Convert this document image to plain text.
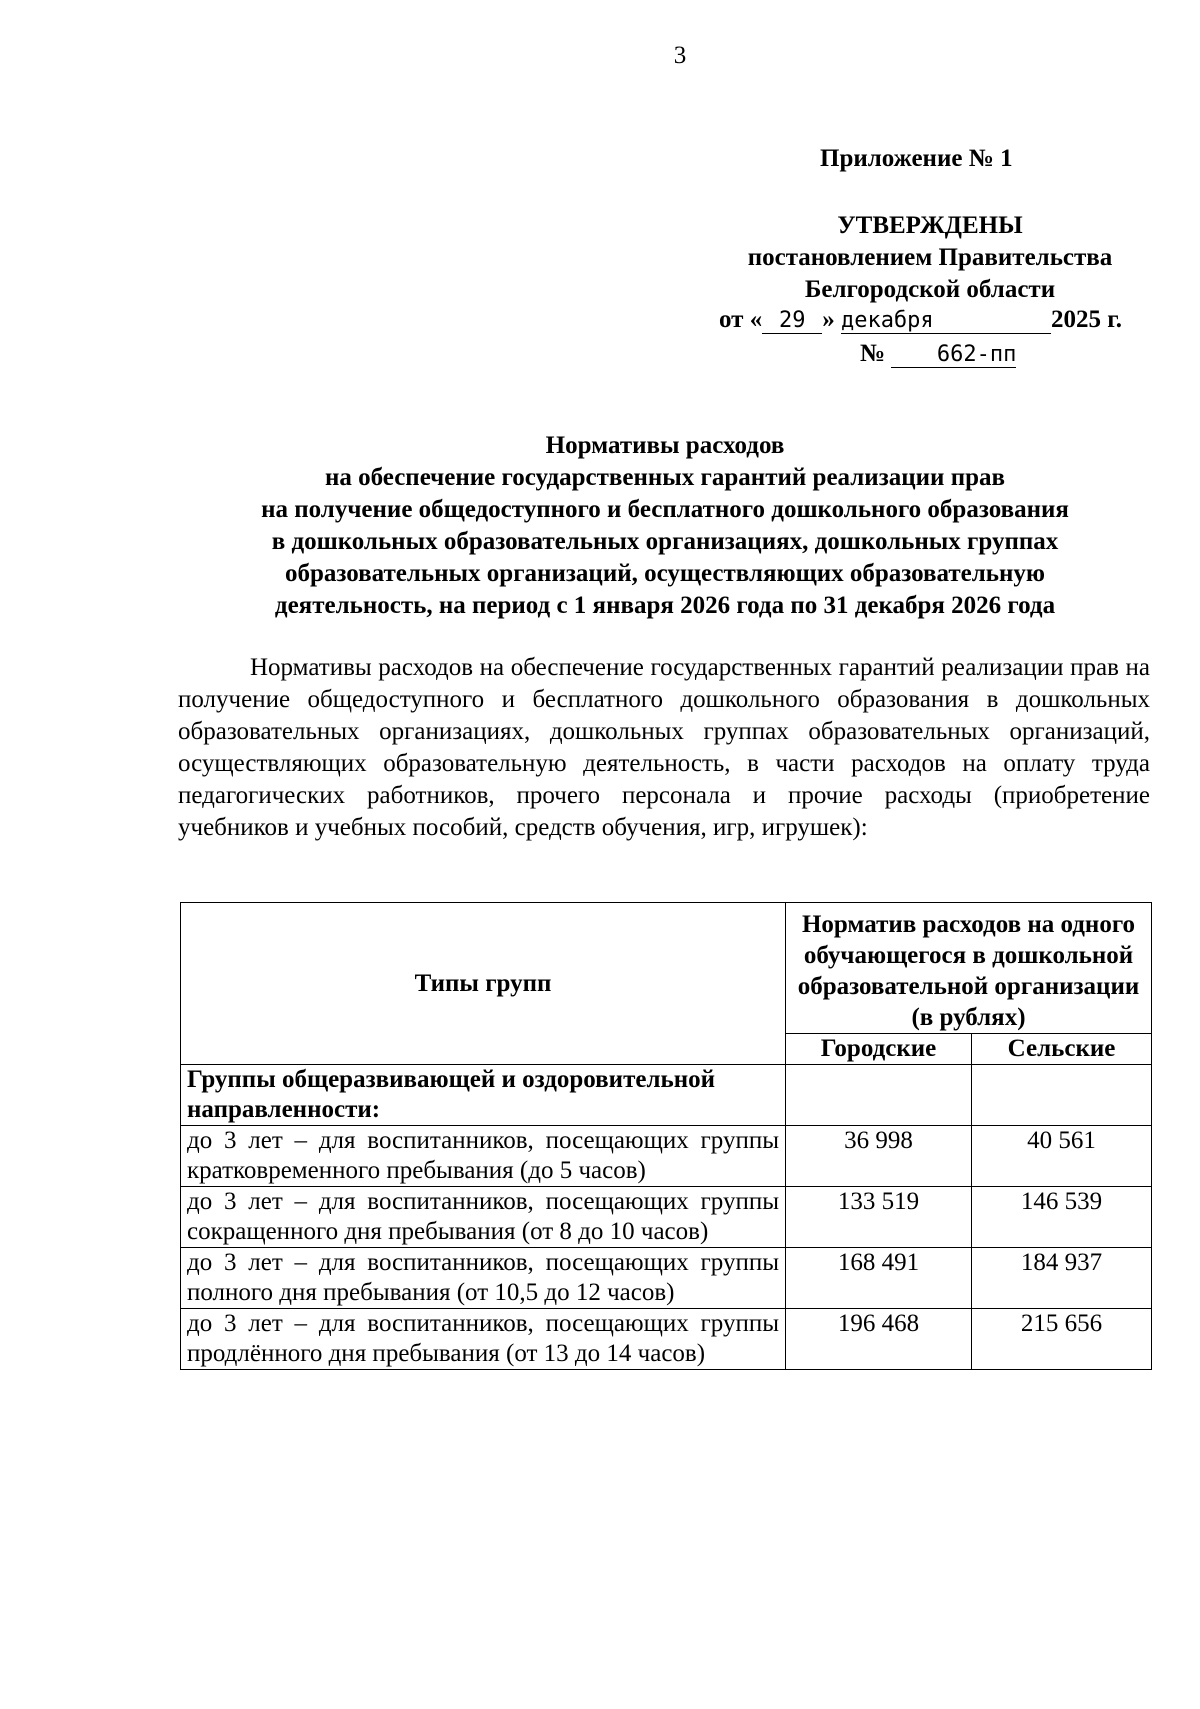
3
Приложение № 1
УТВЕРЖДЕНЫ
постановлением Правительства
Белгородской области
от « 29 » декабря	2025 г.
№ 662-пп
Нормативы расходов
на обеспечение государственных гарантий реализации прав
на получение общедоступного и бесплатного дошкольного образования
в дошкольных образовательных организациях, дошкольных группах
образовательных организаций, осуществляющих образовательную
деятельность, на период с 1 января 2026 года по 31 декабря 2026 года

Нормативы расходов на обеспечение государственных гарантий реализации прав на получение общедоступного и бесплатного дошкольного образования в дошкольных образовательных организациях, дошкольных группах образовательных организаций, осуществляющих образовательную деятельность, в части расходов на оплату труда педагогических работников, прочего персонала и прочие расходы (приобретение учебников и учебных пособий, средств обучения, игр, игрушек):

Типы групп	Норматив расходов на одного обучающегося в дошкольной образовательной организации (в рублях)	
	Городские	Сельские
Группы общеразвивающей и оздоровительной направленности:		
до 3 лет – для воспитанников, посещающих группы кратковременного пребывания (до 5 часов)	36 998	40 561
до 3 лет – для воспитанников, посещающих группы сокращенного дня пребывания (от 8 до 10 часов)	133 519	146 539
до 3 лет – для воспитанников, посещающих группы полного дня пребывания (от 10,5 до 12 часов)	168 491	184 937
до 3 лет – для воспитанников, посещающих группы продлённого дня пребывания (от 13 до 14 часов)	196 468	215 656
